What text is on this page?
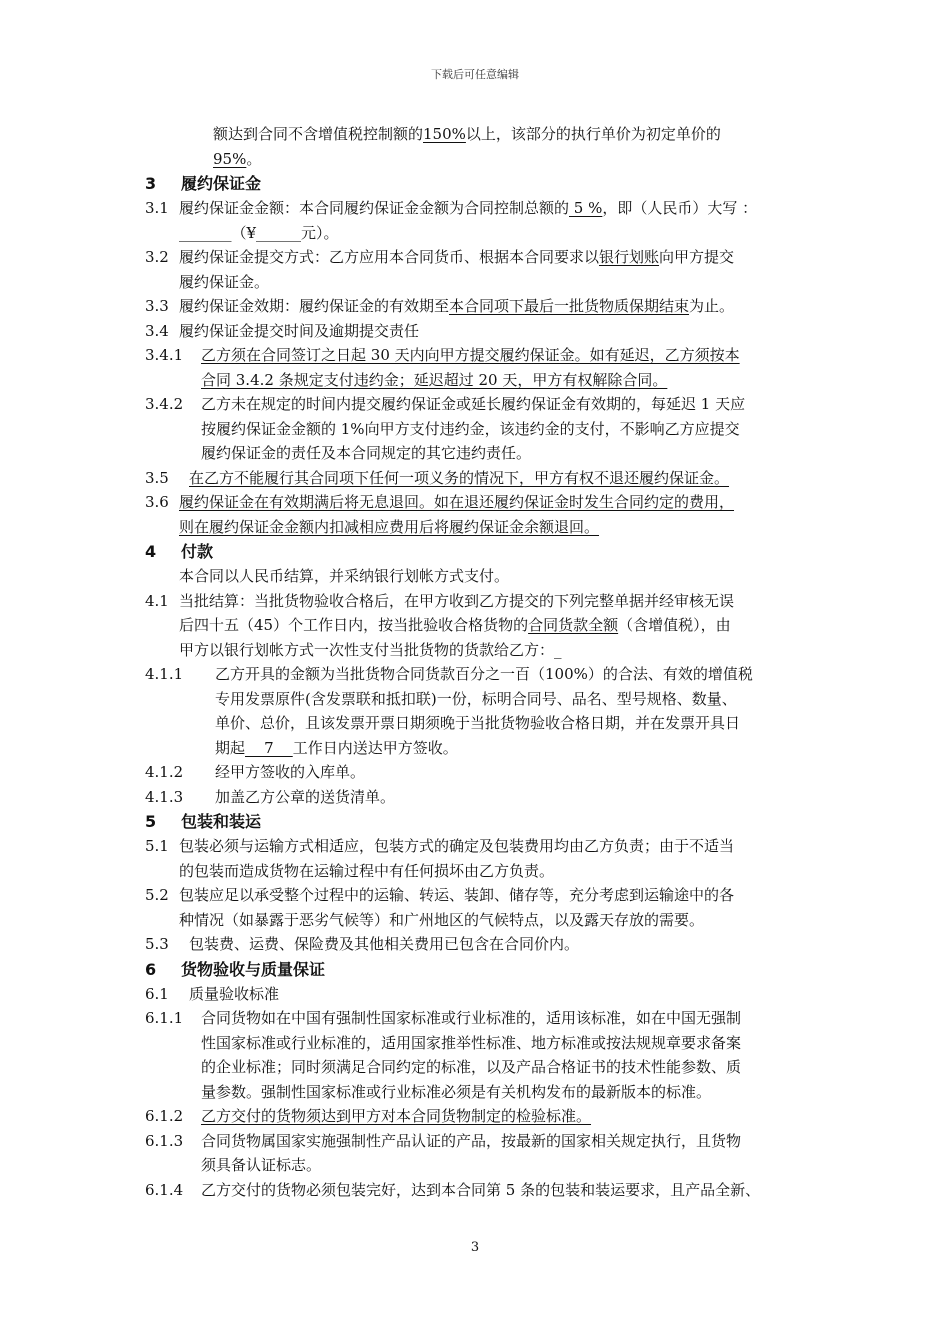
下载后可任意编辑
额达到合同不含增值税控制额的150%以上，该部分的执行单价为初定单价的
95%。
3 履约保证金
3.1 履约保证金金额：本合同履约保证金金额为合同控制总额的 5 %，即（人民币）大写 ：
_______（¥______元）。
3.2 履约保证金提交方式：乙方应用本合同货币、根据本合同要求以银行划账向甲方提交
履约保证金。
3.3 履约保证金效期：履约保证金的有效期至本合同项下最后一批货物质保期结束为止。
3.4 履约保证金提交时间及逾期提交责任
3.4.1 乙方须在合同签订之日起 30 天内向甲方提交履约保证金。如有延迟，乙方须按本
合同 3.4.2 条规定支付违约金；延迟超过 20 天，甲方有权解除合同。
3.4.2 乙方未在规定的时间内提交履约保证金或延长履约保证金有效期的，每延迟 1 天应
按履约保证金金额的 1%向甲方支付违约金，该违约金的支付，不影响乙方应提交
履约保证金的责任及本合同规定的其它违约责任。
3.5 在乙方不能履行其合同项下任何一项义务的情况下，甲方有权不退还履约保证金。
3.6 履约保证金在有效期满后将无息退回。如在退还履约保证金时发生合同约定的费用，
则在履约保证金金额内扣减相应费用后将履约保证金余额退回。
4 付款
本合同以人民币结算，并采纳银行划帐方式支付。
4.1 当批结算：当批货物验收合格后，在甲方收到乙方提交的下列完整单据并经审核无误
后四十五（45）个工作日内，按当批验收合格货物的合同货款全额（含增值税），由
甲方以银行划帐方式一次性支付当批货物的货款给乙方：_
4.1.1 乙方开具的金额为当批货物合同货款百分之一百（100%）的合法、有效的增值税
专用发票原件(含发票联和抵扣联)一份，标明合同号、品名、型号规格、数量、
单价、总价，且该发票开票日期须晚于当批货物验收合格日期，并在发票开具日
期起    7    工作日内送达甲方签收。
4.1.2 经甲方签收的入库单。
4.1.3 加盖乙方公章的送货清单。
5 包装和装运
5.1 包装必须与运输方式相适应，包装方式的确定及包装费用均由乙方负责；由于不适当
的包装而造成货物在运输过程中有任何损坏由乙方负责。
5.2 包装应足以承受整个过程中的运输、转运、装卸、储存等，充分考虑到运输途中的各
种情况（如暴露于恶劣气候等）和广州地区的气候特点，以及露天存放的需要。
5.3 包装费、运费、保险费及其他相关费用已包含在合同价内。
6 货物验收与质量保证
6.1 质量验收标准
6.1.1 合同货物如在中国有强制性国家标准或行业标准的，适用该标准，如在中国无强制
性国家标准或行业标准的，适用国家推举性标准、地方标准或按法规规章要求备案
的企业标准；同时须满足合同约定的标准，以及产品合格证书的技术性能参数、质
量参数。强制性国家标准或行业标准必须是有关机构发布的最新版本的标准。
6.1.2 乙方交付的货物须达到甲方对本合同货物制定的检验标准。
6.1.3 合同货物属国家实施强制性产品认证的产品，按最新的国家相关规定执行，且货物
须具备认证标志。
6.1.4 乙方交付的货物必须包装完好，达到本合同第 5 条的包装和装运要求，且产品全新、
3
